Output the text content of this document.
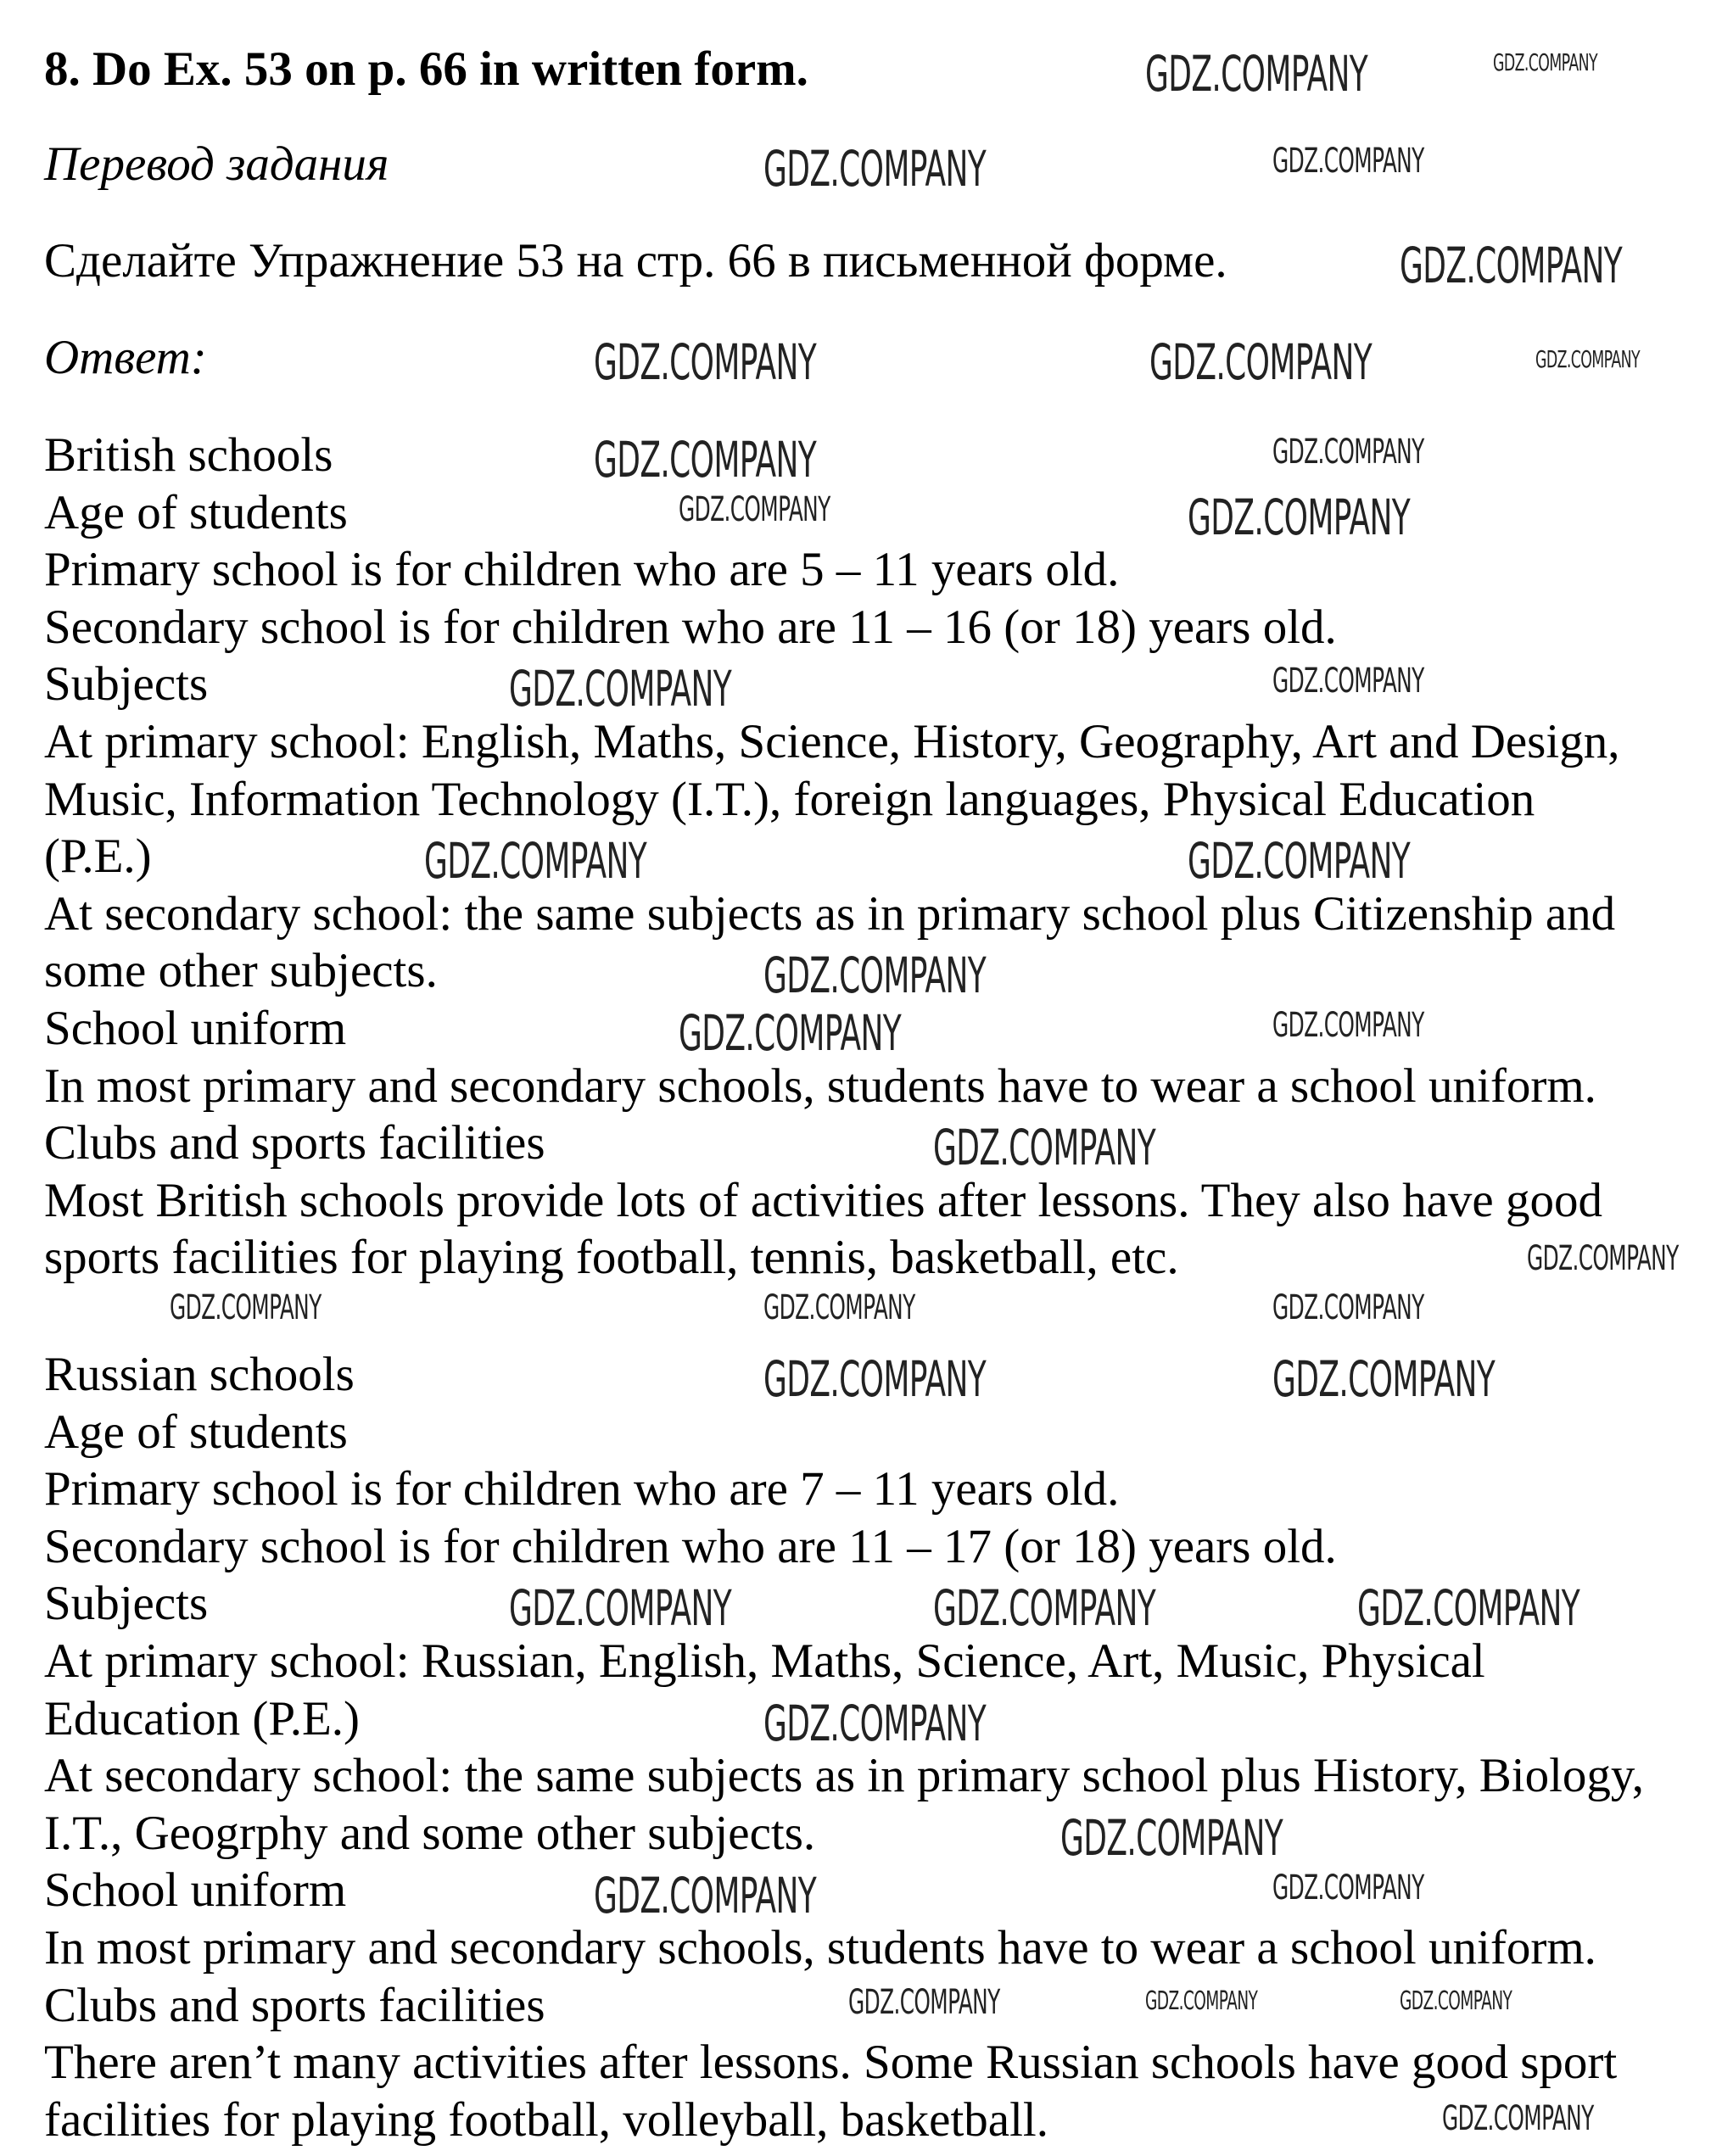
8. Do Ex. 53 on p. 66 in written form.
Перевод задания
Сделайте Упражнение 53 на стр. 66 в письменной форме.
Ответ:
British schools
Age of students
Primary school is for children who are 5 – 11 years old.
Secondary school is for children who are 11 – 16 (or 18) years old.
Subjects
At primary school: English, Maths, Science, History, Geography, Art and Design,
Music, Information Technology (I.T.), foreign languages, Physical Education
(P.E.)
At secondary school: the same subjects as in primary school plus Citizenship and
some other subjects.
School uniform
In most primary and secondary schools, students have to wear a school uniform.
Clubs and sports facilities
Most British schools provide lots of activities after lessons. They also have good
sports facilities for playing football, tennis, basketball, etc.
Russian schools
Age of students
Primary school is for children who are 7 – 11 years old.
Secondary school is for children who are 11 – 17 (or 18) years old.
Subjects
At primary school: Russian, English, Maths, Science, Art, Music, Physical
Education (P.E.)
At secondary school: the same subjects as in primary school plus History, Biology,
I.T., Geogrphy and some other subjects.
School uniform
In most primary and secondary schools, students have to wear a school uniform.
Clubs and sports facilities
There aren’t many activities after lessons. Some Russian schools have good sport
facilities for playing football, volleyball, basketball.
GDZ.COMPANY	GDZ.COMPANY
GDZ.COMPANY	GDZ.COMPANY
GDZ.COMPANY
GDZ.COMPANY	GDZ.COMPANY	GDZ.COMPANY
GDZ.COMPANY	GDZ.COMPANY
GDZ.COMPANY	GDZ.COMPANY
GDZ.COMPANY	GDZ.COMPANY
GDZ.COMPANY	GDZ.COMPANY
GDZ.COMPANY
GDZ.COMPANY	GDZ.COMPANY
GDZ.COMPANY
GDZ.COMPANY
GDZ.COMPANY	GDZ.COMPANY	GDZ.COMPANY
GDZ.COMPANY	GDZ.COMPANY
GDZ.COMPANY	GDZ.COMPANY	GDZ.COMPANY
GDZ.COMPANY
GDZ.COMPANY
GDZ.COMPANY	GDZ.COMPANY
GDZ.COMPANY	GDZ.COMPANY	GDZ.COMPANY
GDZ.COMPANY
